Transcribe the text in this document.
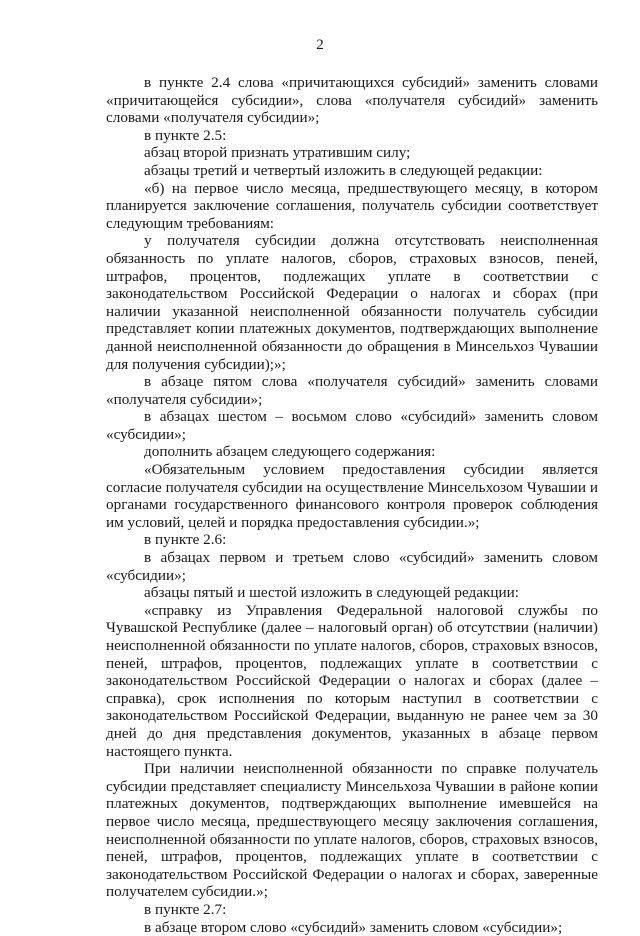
2

в пункте 2.4 слова «причитающихся субсидий» заменить словами «причитающейся субсидии», слова «получателя субсидий» заменить словами «получателя субсидии»;

в пункте 2.5:

абзац второй признать утратившим силу;

абзацы третий и четвертый изложить в следующей редакции:

«б) на первое число месяца, предшествующего месяцу, в котором планируется заключение соглашения, получатель субсидии соответствует следующим требованиям:

у получателя субсидии должна отсутствовать неисполненная обязанность по уплате налогов, сборов, страховых взносов, пеней, штрафов, процентов, подлежащих уплате в соответствии с законодательством Российской Федерации о налогах и сборах (при наличии указанной неисполненной обязанности получатель субсидии представляет копии платежных документов, подтверждающих выполнение данной неисполненной обязанности до обращения в Минсельхоз Чувашии для получения субсидии);»;

в абзаце пятом слова «получателя субсидий» заменить словами «получателя субсидии»;

в абзацах шестом – восьмом слово «субсидий» заменить словом «субсидии»;

дополнить абзацем следующего содержания:

«Обязательным условием предоставления субсидии является согласие получателя субсидии на осуществление Минсельхозом Чувашии и органами государственного финансового контроля проверок соблюдения им условий, целей и порядка предоставления субсидии.»;

в пункте 2.6:

в абзацах первом и третьем слово «субсидий» заменить словом «субсидии»;

абзацы пятый и шестой изложить в следующей редакции:

«справку из Управления Федеральной налоговой службы по Чувашской Республике (далее – налоговый орган) об отсутствии (наличии) неисполненной обязанности по уплате налогов, сборов, страховых взносов, пеней, штрафов, процентов, подлежащих уплате в соответствии с законодательством Российской Федерации о налогах и сборах (далее – справка), срок исполнения по которым наступил в соответствии с законодательством Российской Федерации, выданную не ранее чем за 30 дней до дня представления документов, указанных в абзаце первом настоящего пункта.

При наличии неисполненной обязанности по справке получатель субсидии представляет специалисту Минсельхоза Чувашии в районе копии платежных документов, подтверждающих выполнение имевшейся на первое число месяца, предшествующего месяцу заключения соглашения, неисполненной обязанности по уплате налогов, сборов, страховых взносов, пеней, штрафов, процентов, подлежащих уплате в соответствии с законодательством Российской Федерации о налогах и сборах, заверенные получателем субсидии.»;

в пункте 2.7:

в абзаце втором слово «субсидий» заменить словом «субсидии»;
